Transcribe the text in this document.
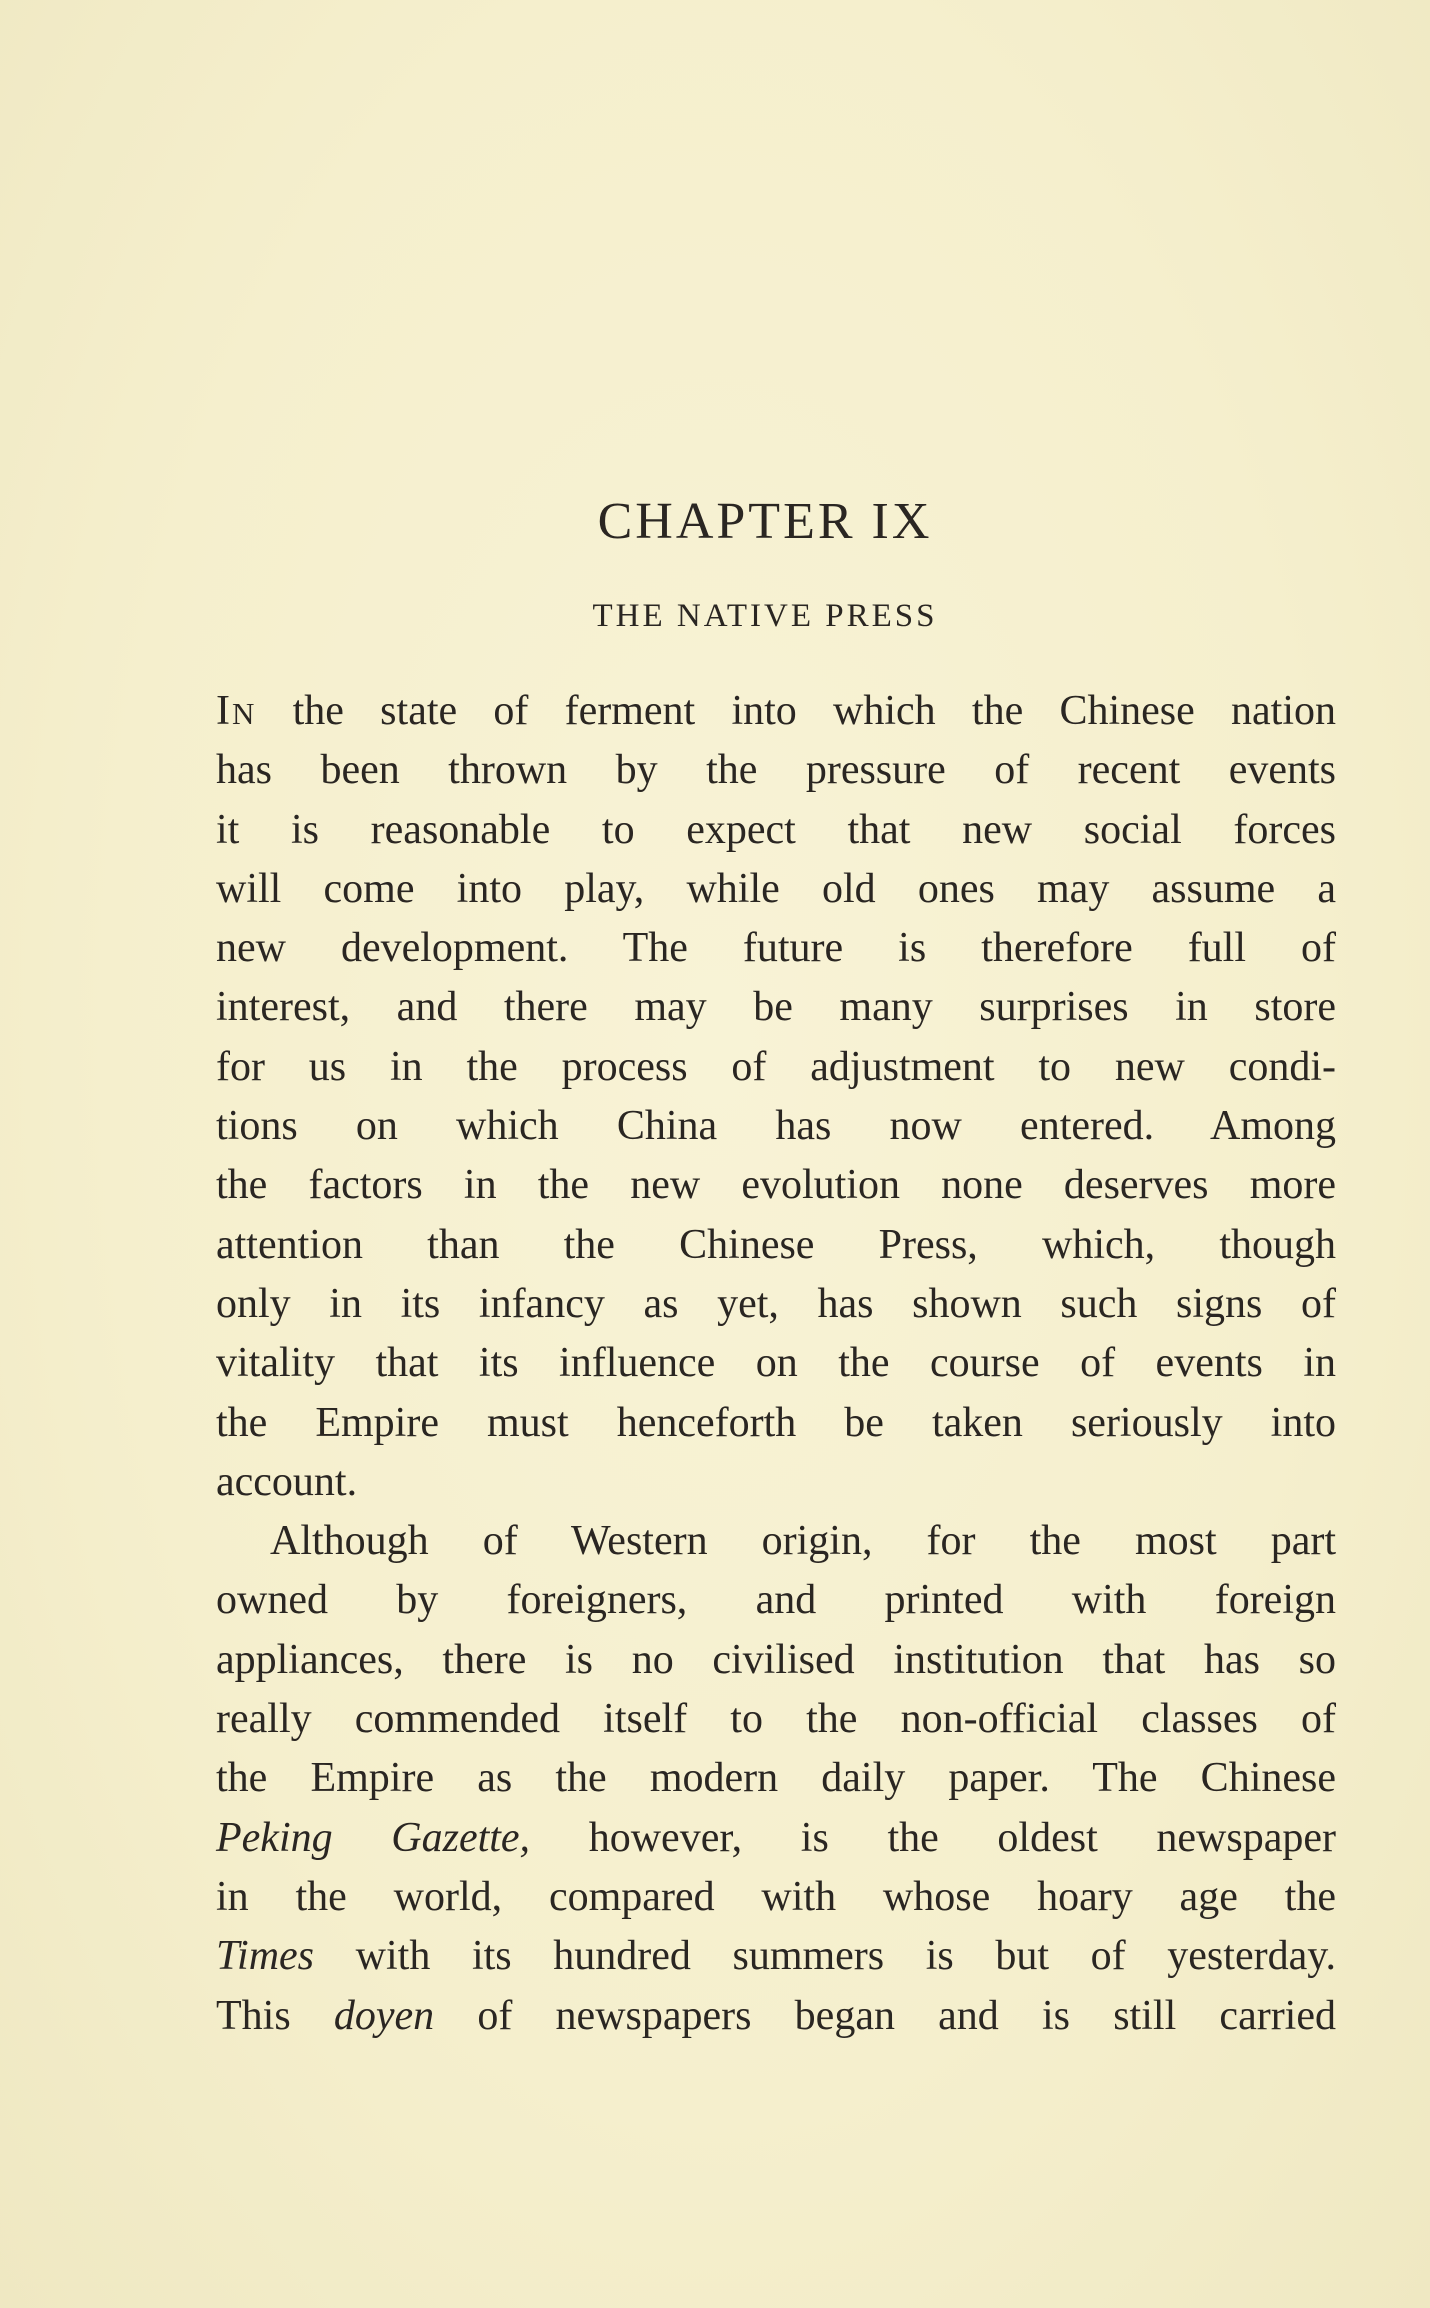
CHAPTER IX
THE NATIVE PRESS
IN the state of ferment into which the Chinese nation
has been thrown by the pressure of recent events
it is reasonable to expect that new social forces
will come into play, while old ones may assume a
new development. The future is therefore full of
interest, and there may be many surprises in store
for us in the process of adjustment to new condi-
tions on which China has now entered. Among
the factors in the new evolution none deserves more
attention than the Chinese Press, which, though
only in its infancy as yet, has shown such signs of
vitality that its influence on the course of events in
the Empire must henceforth be taken seriously into
account.
Although of Western origin, for the most part
owned by foreigners, and printed with foreign
appliances, there is no civilised institution that has so
really commended itself to the non-official classes of
the Empire as the modern daily paper. The Chinese
Peking Gazette, however, is the oldest newspaper
in the world, compared with whose hoary age the
Times with its hundred summers is but of yesterday.
This doyen of newspapers began and is still carried
